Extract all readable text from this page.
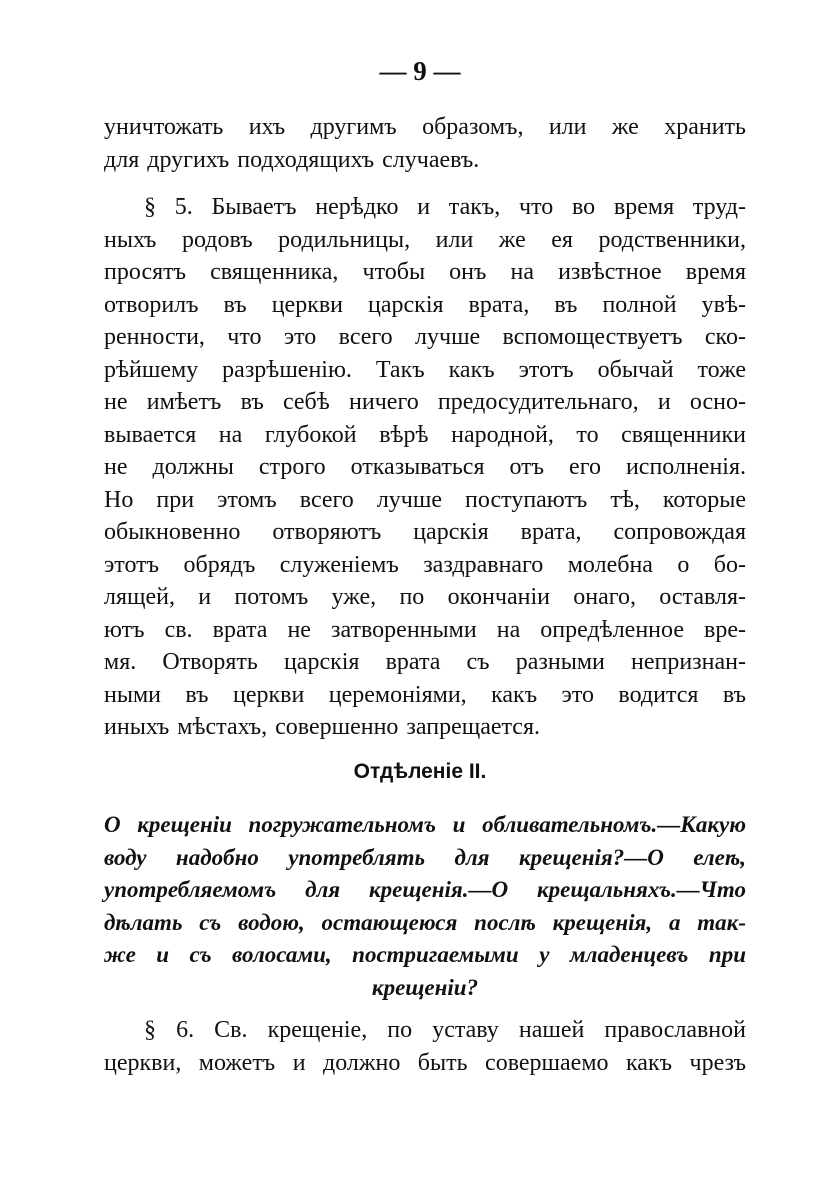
— 9 —
уничтожать ихъ другимъ образомъ, или же хранить
для другихъ подходящихъ случаевъ.
§ 5. Бываетъ нерѣдко и такъ, что во время труд-
ныхъ родовъ родильницы, или же ея родственники,
просятъ священника, чтобы онъ на извѣстное время
отворилъ въ церкви царскія врата, въ полной увѣ-
ренности, что это всего лучше вспомоществуетъ ско-
рѣйшему разрѣшенію. Такъ какъ этотъ обычай тоже
не имѣетъ въ себѣ ничего предосудительнаго, и осно-
вывается на глубокой вѣрѣ народной, то священники
не должны строго отказываться отъ его исполненія.
Но при этомъ всего лучше поступаютъ тѣ, которые
обыкновенно отворяютъ царскія врата, сопровождая
этотъ обрядъ служеніемъ заздравнаго молебна о бо-
лящей, и потомъ уже, по окончаніи онаго, оставля-
ютъ св. врата не затворенными на опредѣленное вре-
мя. Отворять царскія врата съ разными непризнан-
ными въ церкви церемоніями, какъ это водится въ
иныхъ мѣстахъ, совершенно запрещается.
Отдѣленіе II.
О крещеніи погружательномъ и обливательномъ.—Какую
воду надобно употреблять для крещенія?—О елеѣ,
употребляемомъ для крещенія.—О крещальняхъ.—Что
дѣлать съ водою, остающеюся послѣ крещенія, а так-
же и съ волосами, постригаемыми у младенцевъ при
крещеніи?
§ 6. Св. крещеніе, по уставу нашей православной
церкви, можетъ и должно быть совершаемо какъ чрезъ
